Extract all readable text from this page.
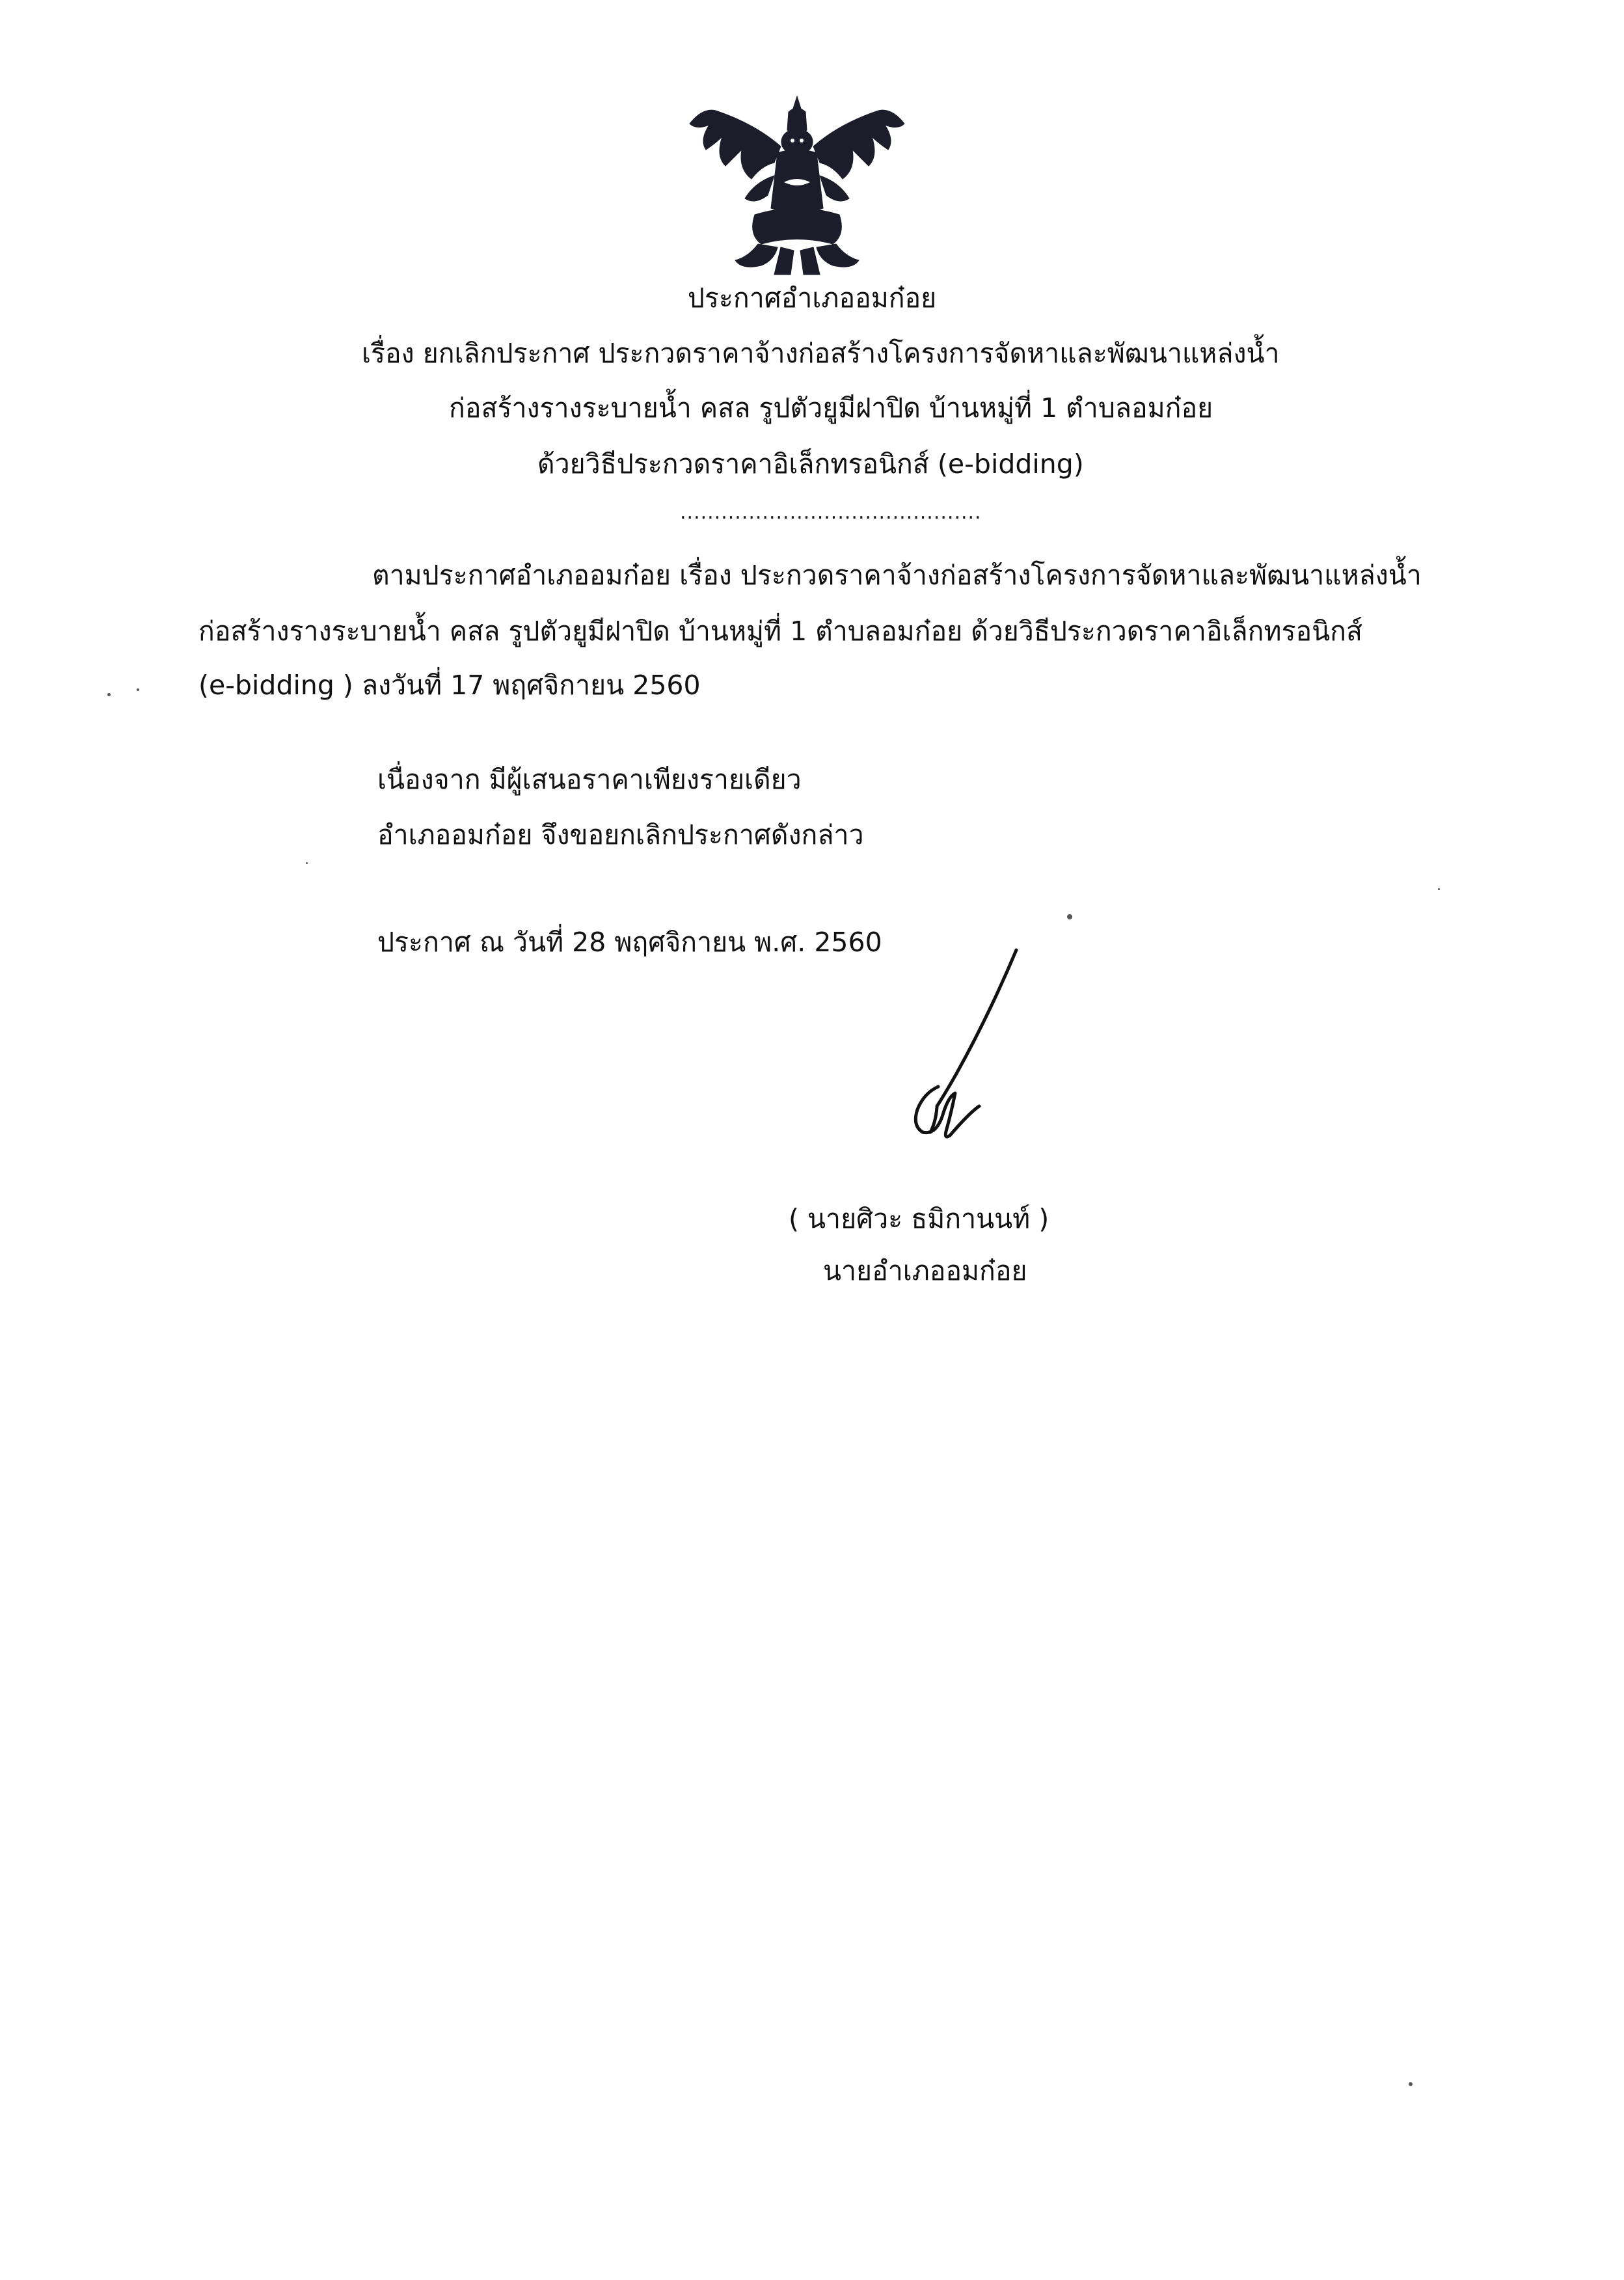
ประกาศอำเภออมก๋อย
เรื่อง ยกเลิกประกาศ ประกวดราคาจ้างก่อสร้างโครงการจัดหาและพัฒนาแหล่งน้ำ
ก่อสร้างรางระบายน้ำ คสล รูปตัวยูมีฝาปิด บ้านหมู่ที่ 1 ตำบลอมก๋อย
ด้วยวิธีประกวดราคาอิเล็กทรอนิกส์ (e-bidding)
............................................
ตามประกาศอำเภออมก๋อย เรื่อง ประกวดราคาจ้างก่อสร้างโครงการจัดหาและพัฒนาแหล่งน้ำ
ก่อสร้างรางระบายน้ำ คสล รูปตัวยูมีฝาปิด บ้านหมู่ที่ 1 ตำบลอมก๋อย ด้วยวิธีประกวดราคาอิเล็กทรอนิกส์
(e-bidding ) ลงวันที่ 17 พฤศจิกายน 2560
เนื่องจาก มีผู้เสนอราคาเพียงรายเดียว
อำเภออมก๋อย จึงขอยกเลิกประกาศดังกล่าว
ประกาศ ณ วันที่ 28 พฤศจิกายน พ.ศ. 2560
( นายศิวะ ธมิกานนท์ )
นายอำเภออมก๋อย
